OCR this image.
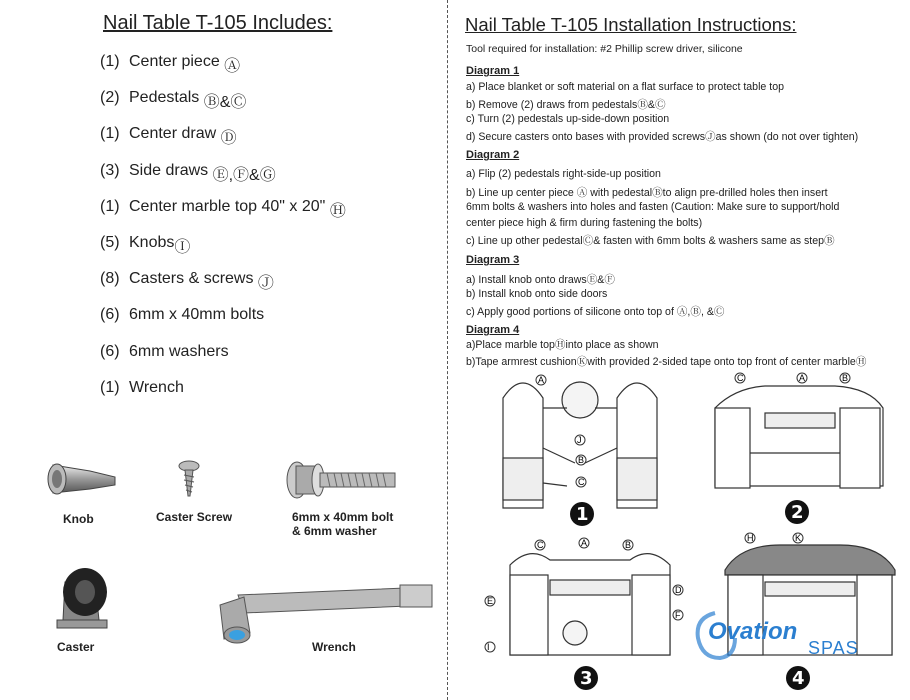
Nail Table T-105 Includes:
(1) Center piece
Ⓐ
(2) Pedestals
Ⓑ&Ⓒ
(1) Center draw
Ⓓ
(3) Side draws
Ⓔ,Ⓕ&Ⓖ
(1) Center marble top 40" x 20"
Ⓗ
(5) Knobs Ⓘ
(8) Casters & screws
Ⓙ
(6) 6mm x 40mm bolts
(6) 6mm washers
(1) Wrench
Knob	Caster Screw	6mm x 40mm bolt
& 6mm washer
Caster	Wrench
Nail Table T-105 Installation Instructions:
Tool required for installation: #2 Phillip screw driver, silicone
Diagram 1
a) Place blanket or soft material on a flat surface to protect table top
b) Remove (2) draws from pedestalsⒷ&Ⓒ
c) Turn (2) pedestals up-side-down position
d) Secure casters onto bases with provided screwsⒿas shown (do not over tighten)
Diagram 2
a) Flip (2) pedestals right-side-up position
b) Line up center piece Ⓐ with pedestalⒷto align pre-drilled holes then insert
6mm bolts & washers into holes and fasten (Caution: Make sure to support/hold
center piece high & firm during fastening the bolts)
c) Line up other pedestalⒸ& fasten with 6mm bolts & washers same as stepⒷ
Diagram 3
a) Install knob onto drawsⒺ&Ⓕ
b) Install knob onto side doors
c) Apply good portions of silicone onto top of Ⓐ,Ⓑ, &Ⓒ
Diagram 4
a)Place marble topⒽinto place as shown
b)Tape armrest cushionⓀwith provided 2-sided tape onto top front of center marbleⒽ
A
J
B
C
1
C	A	B
2
C	A	B
D
E
F
I
3
H	K
4
Ovation
SPAS
